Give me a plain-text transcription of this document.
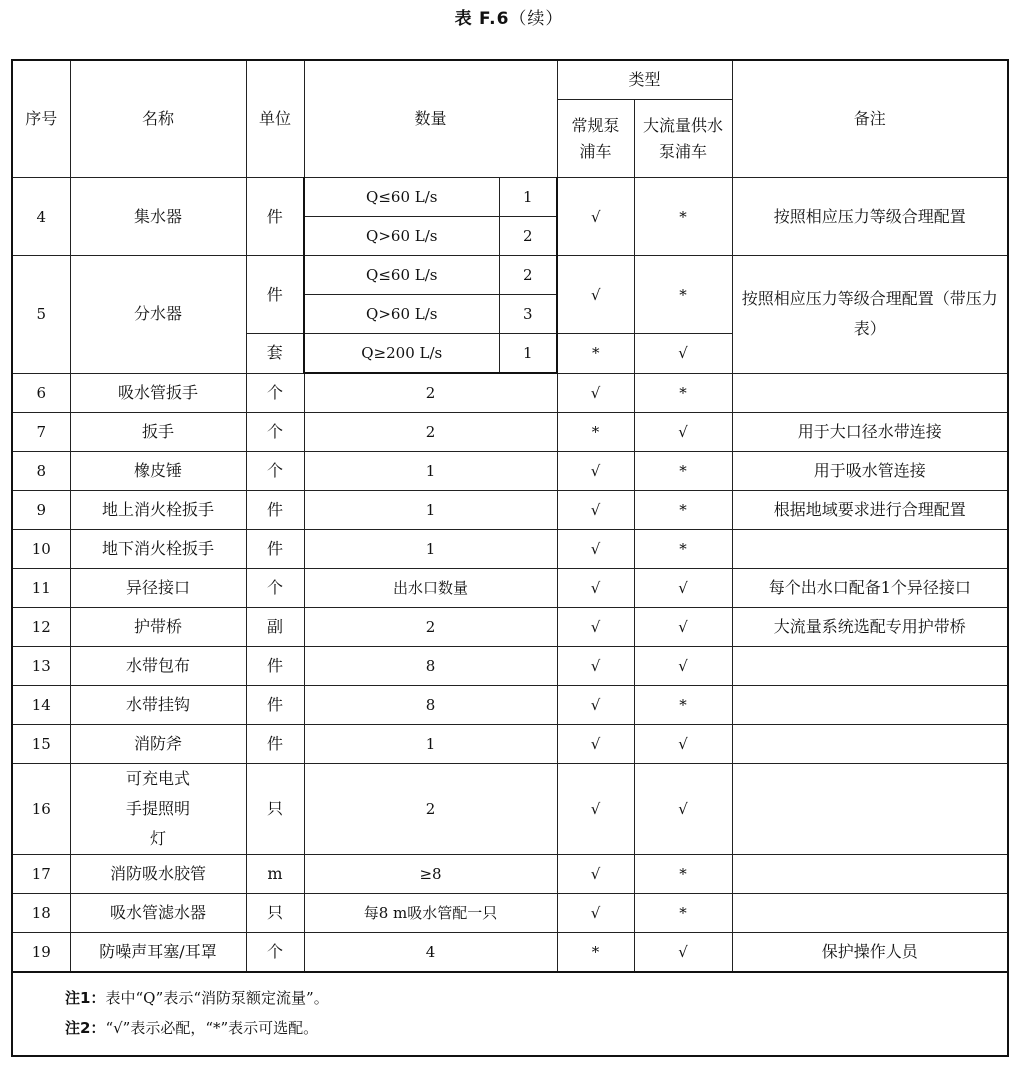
表 F.6（续）
序号	名称	单位	数量		类型		备注
					常规泵浦车	大流量供水泵浦车	
4	集水器	件	Q≤60 L/s	1	√	*	按照相应压力等级合理配置
			Q>60 L/s	2			
5	分水器	件	Q≤60 L/s	2	√	*	按照相应压力等级合理配置（带压力表）
			Q>60 L/s	3			
		套	Q≥200 L/s	1	*	√	
6	吸水管扳手	个	2		√	*	
7	扳手	个	2		*	√	用于大口径水带连接
8	橡皮锤	个	1		√	*	用于吸水管连接
9	地上消火栓扳手	件	1		√	*	根据地域要求进行合理配置
10	地下消火栓扳手	件	1		√	*	
11	异径接口	个	出水口数量		√	√	每个出水口配备1个异径接口
12	护带桥	副	2		√	√	大流量系统选配专用护带桥
13	水带包布	件	8		√	√	
14	水带挂钩	件	8		√	*	
15	消防斧	件	1		√	√	
16	可充电式手提照明灯	只	2		√	√	
17	消防吸水胶管	m	≥8		√	*	
18	吸水管滤水器	只	每8 m吸水管配一只		√	*	
19	防噪声耳塞/耳罩	个	4		*	√	保护操作人员

注1：表中“Q”表示“消防泵额定流量”。
注2：“√”表示必配，“*”表示可选配。							
